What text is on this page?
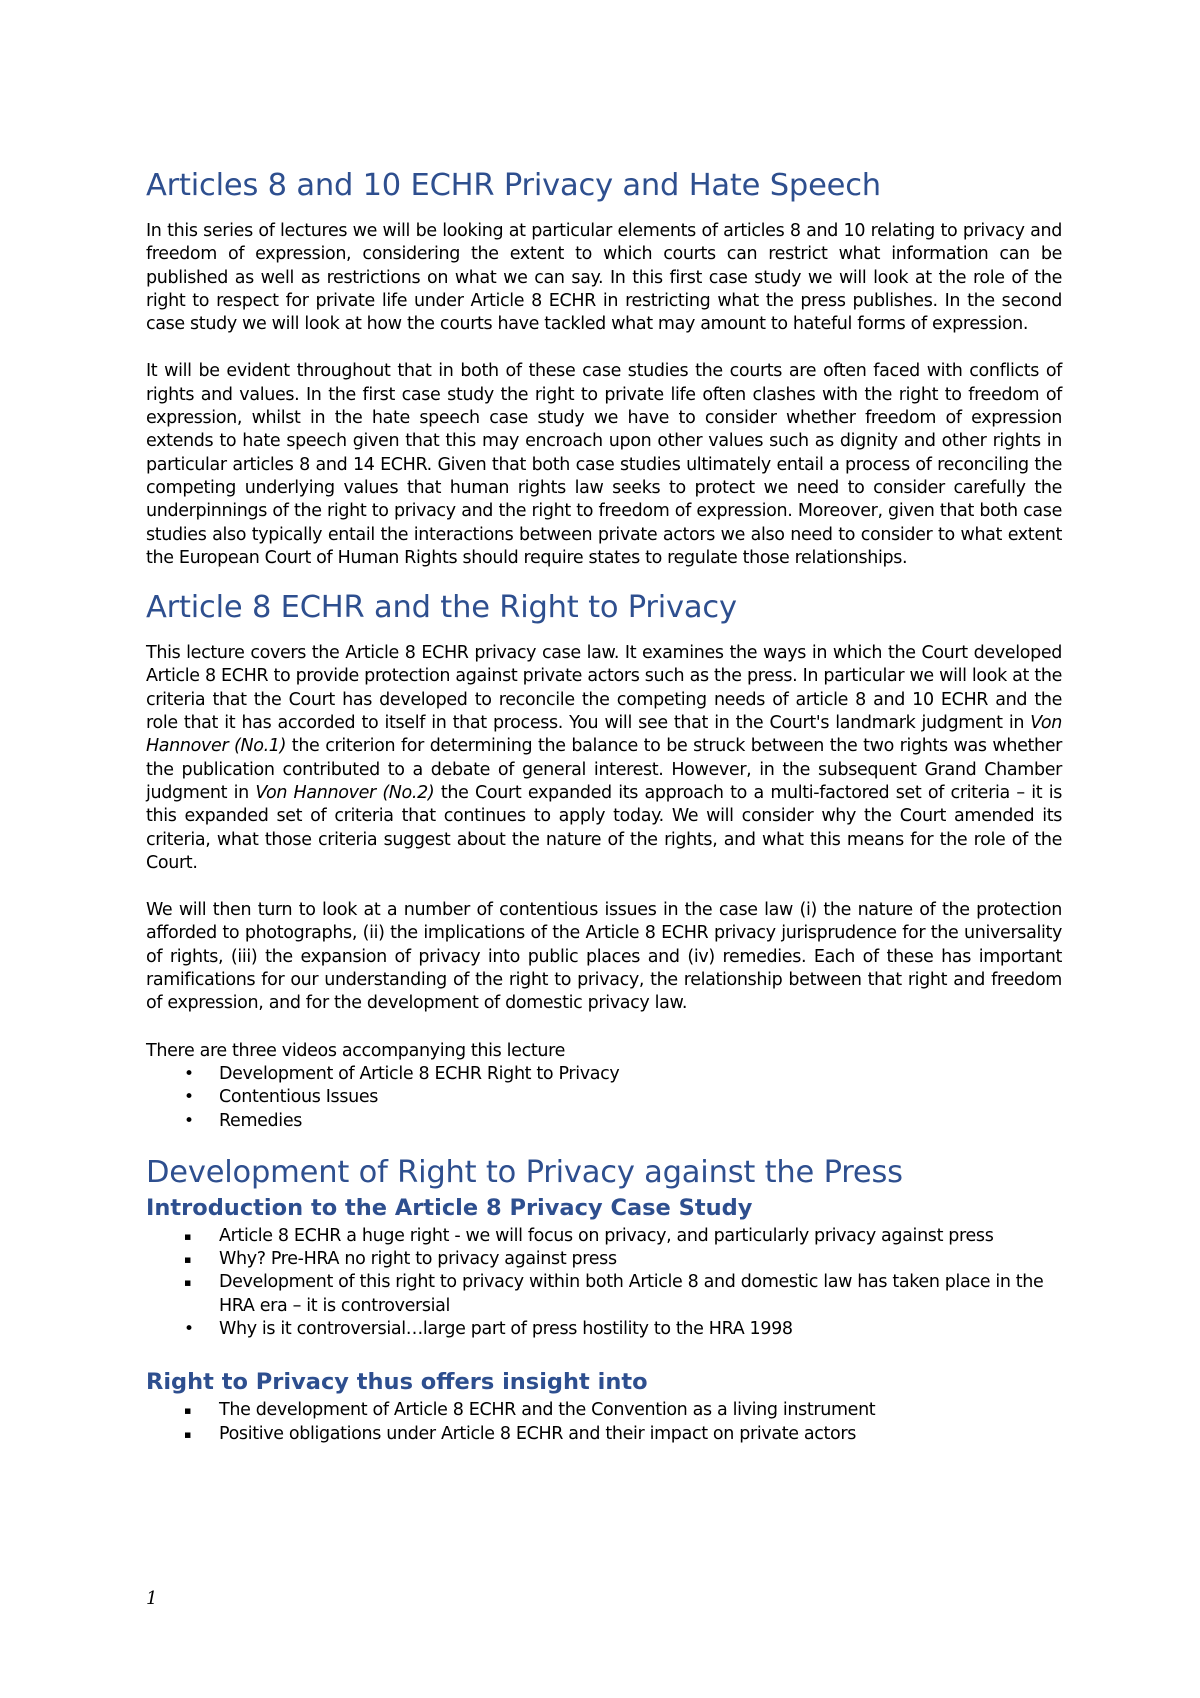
Articles 8 and 10 ECHR Privacy and Hate Speech

In this series of lectures we will be looking at particular elements of articles 8 and 10 relating to privacy and freedom of expression, considering the extent to which courts can restrict what information can be published as well as restrictions on what we can say. In this first case study we will look at the role of the right to respect for private life under Article 8 ECHR in restricting what the press publishes. In the second case study we will look at how the courts have tackled what may amount to hateful forms of expression.

It will be evident throughout that in both of these case studies the courts are often faced with conflicts of rights and values. In the first case study the right to private life often clashes with the right to freedom of expression, whilst in the hate speech case study we have to consider whether freedom of expression extends to hate speech given that this may encroach upon other values such as dignity and other rights in particular articles 8 and 14 ECHR. Given that both case studies ultimately entail a process of reconciling the competing underlying values that human rights law seeks to protect we need to consider carefully the underpinnings of the right to privacy and the right to freedom of expression. Moreover, given that both case studies also typically entail the interactions between private actors we also need to consider to what extent the European Court of Human Rights should require states to regulate those relationships.

Article 8 ECHR and the Right to Privacy

This lecture covers the Article 8 ECHR privacy case law. It examines the ways in which the Court developed Article 8 ECHR to provide protection against private actors such as the press. In particular we will look at the criteria that the Court has developed to reconcile the competing needs of article 8 and 10 ECHR and the role that it has accorded to itself in that process. You will see that in the Court's landmark judgment in Von Hannover (No.1) the criterion for determining the balance to be struck between the two rights was whether the publication contributed to a debate of general interest. However, in the subsequent Grand Chamber judgment in Von Hannover (No.2) the Court expanded its approach to a multi-factored set of criteria – it is this expanded set of criteria that continues to apply today. We will consider why the Court amended its criteria, what those criteria suggest about the nature of the rights, and what this means for the role of the Court.

We will then turn to look at a number of contentious issues in the case law (i) the nature of the protection afforded to photographs, (ii) the implications of the Article 8 ECHR privacy jurisprudence for the universality of rights, (iii) the expansion of privacy into public places and (iv) remedies. Each of these has important ramifications for our understanding of the right to privacy, the relationship between that right and freedom of expression, and for the development of domestic privacy law.

There are three videos accompanying this lecture
•	Development of Article 8 ECHR Right to Privacy
•	Contentious Issues
•	Remedies
Development of Right to Privacy against the Press
Introduction to the Article 8 Privacy Case Study
▪	Article 8 ECHR a huge right - we will focus on privacy, and particularly privacy against press
▪	Why? Pre-HRA no right to privacy against press
▪	Development of this right to privacy within both Article 8 and domestic law has taken place in the HRA era – it is controversial
•	Why is it controversial…large part of press hostility to the HRA 1998
Right to Privacy thus offers insight into
▪	The development of Article 8 ECHR and the Convention as a living instrument
▪	Positive obligations under Article 8 ECHR and their impact on private actors
1
